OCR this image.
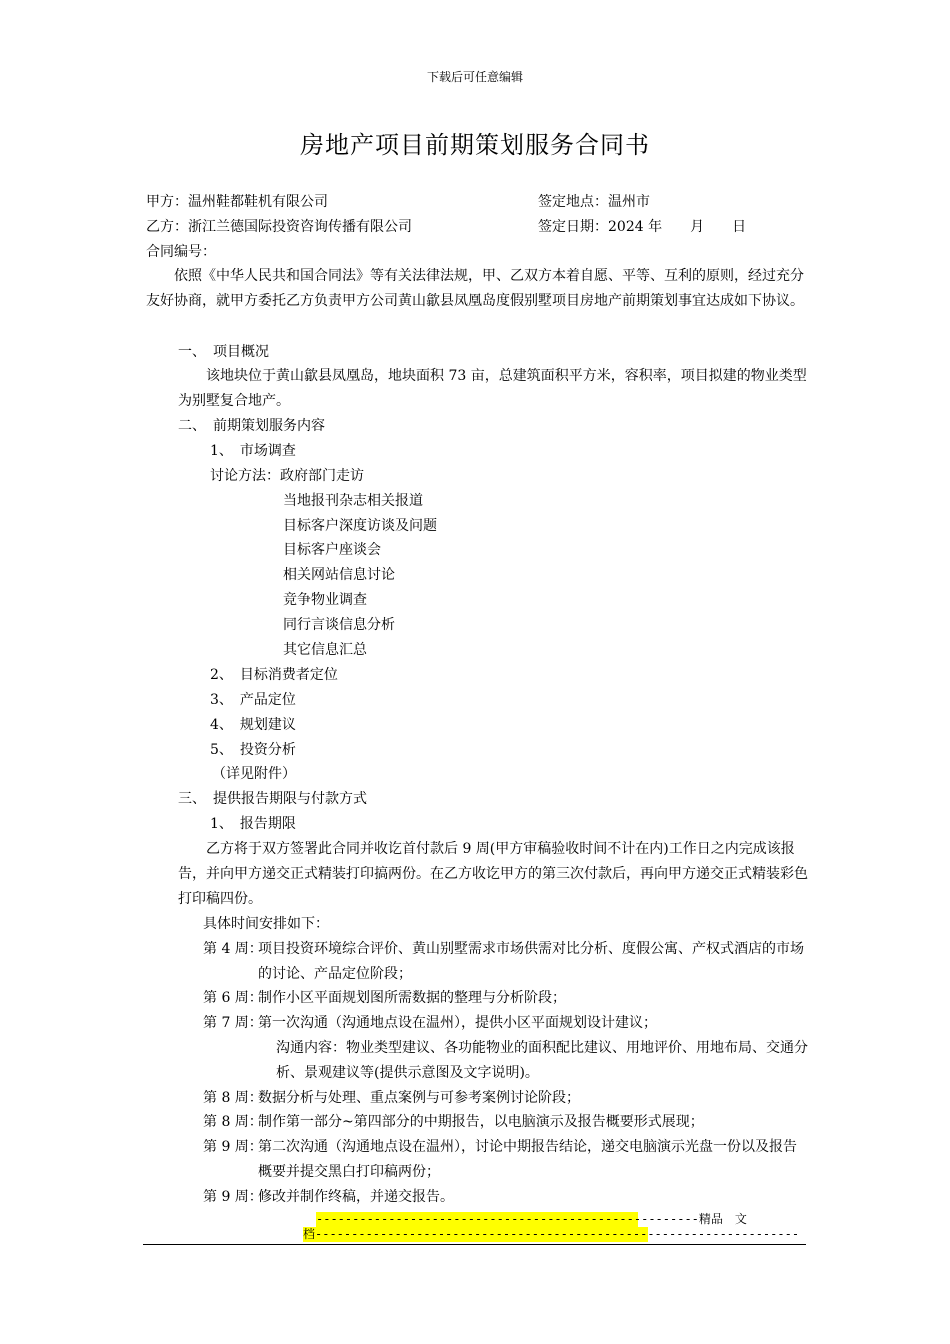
下载后可任意编辑
房地产项目前期策划服务合同书
甲方：温州鞋都鞋机有限公司	签定地点：温州市
乙方：浙江兰德国际投资咨询传播有限公司	签定日期：2024 年　　月　　日
合同编号：
依照《中华人民共和国合同法》等有关法律法规，甲、乙双方本着自愿、平等、互利的原则，经过充分友好协商，就甲方委托乙方负责甲方公司黄山歙县凤凰岛度假别墅项目房地产前期策划事宜达成如下协议。
一、　项目概况
该地块位于黄山歙县凤凰岛，地块面积 73 亩，总建筑面积平方米，容积率，项目拟建的物业类型为别墅复合地产。
二、　前期策划服务内容
1、　市场调查
讨论方法：政府部门走访
当地报刊杂志相关报道
目标客户深度访谈及问题
目标客户座谈会
相关网站信息讨论
竞争物业调查
同行言谈信息分析
其它信息汇总
2、　目标消费者定位
3、　产品定位
4、　规划建议
5、　投资分析
（详见附件）
三、　提供报告期限与付款方式
1、　报告期限
乙方将于双方签署此合同并收讫首付款后 9 周(甲方审稿验收时间不计在内)工作日之内完成该报告，并向甲方递交正式精装打印搞两份。在乙方收讫甲方的第三次付款后，再向甲方递交正式精装彩色打印稿四份。
具体时间安排如下：
第 4 周：
项目投资环境综合评价、黄山别墅需求市场供需对比分析、度假公寓、产权式酒店的市场的讨论、产品定位阶段；
第 6 周：
制作小区平面规划图所需数据的整理与分析阶段；
第 7 周：
第一次沟通（沟通地点设在温州），提供小区平面规划设计建议；
沟通内容：物业类型建议、各功能物业的面积配比建议、用地评价、用地布局、交通分析、景观建议等(提供示意图及文字说明)。
第 8 周：
数据分析与处理、重点案例与可参考案例讨论阶段；
第 8 周：
制作第一部分~第四部分的中期报告，以电脑演示及报告概要形式展现；
第 9 周：
第二次沟通（沟通地点设在温州），讨论中期报告结论，递交电脑演示光盘一份以及报告概要并提交黑白打印稿两份；
第 9 周：
修改并制作终稿，并递交报告。
-----------------------------------------------------精品　文
档-------------------------------------------------------------------
